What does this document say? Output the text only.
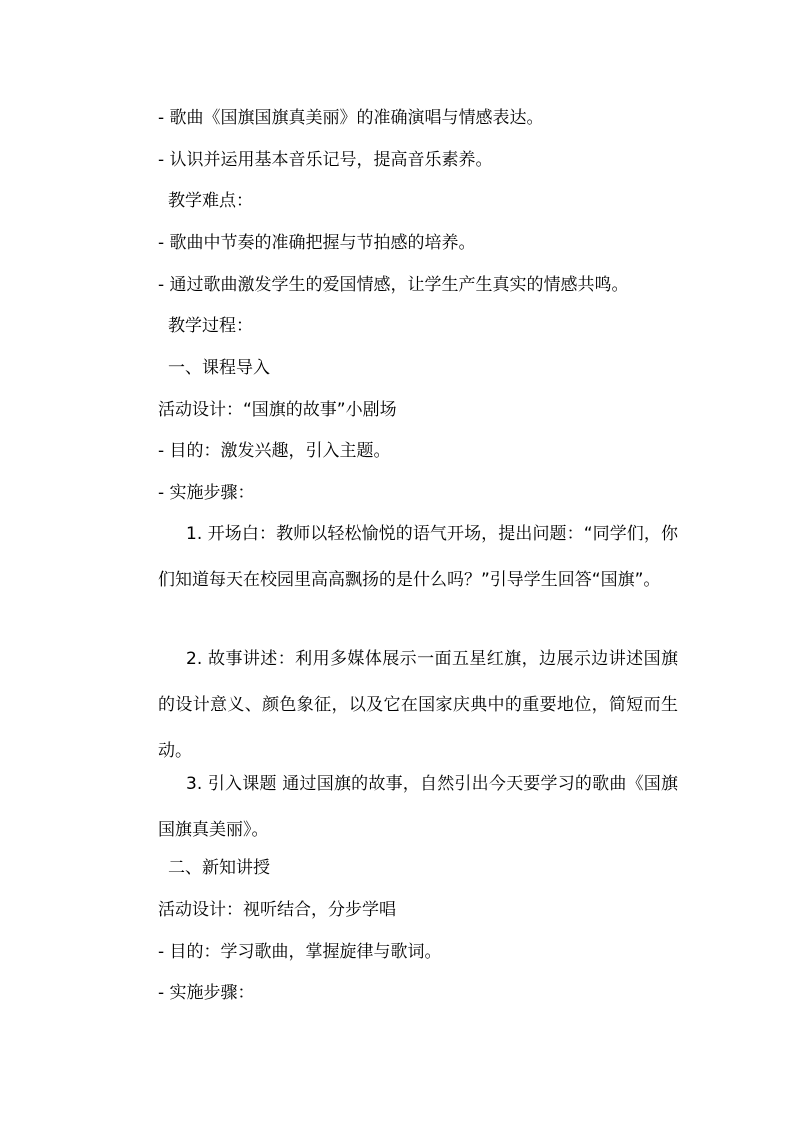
- 歌曲《国旗国旗真美丽》的准确演唱与情感表达。
- 认识并运用基本音乐记号，提高音乐素养。
教学难点：
- 歌曲中节奏的准确把握与节拍感的培养。
- 通过歌曲激发学生的爱国情感，让学生产生真实的情感共鸣。
教学过程：
一、课程导入
活动设计：“国旗的故事”小剧场
- 目的：激发兴趣，引入主题。
- 实施步骤：
1. 开场白：教师以轻松愉悦的语气开场，提出问题：“同学们，你们知道每天在校园里高高飘扬的是什么吗？”引导学生回答“国旗”。
2. 故事讲述：利用多媒体展示一面五星红旗，边展示边讲述国旗的设计意义、颜色象征，以及它在国家庆典中的重要地位，简短而生动。
3. 引入课题 通过国旗的故事，自然引出今天要学习的歌曲《国旗国旗真美丽》。
二、新知讲授
活动设计：视听结合，分步学唱
- 目的：学习歌曲，掌握旋律与歌词。
- 实施步骤：
